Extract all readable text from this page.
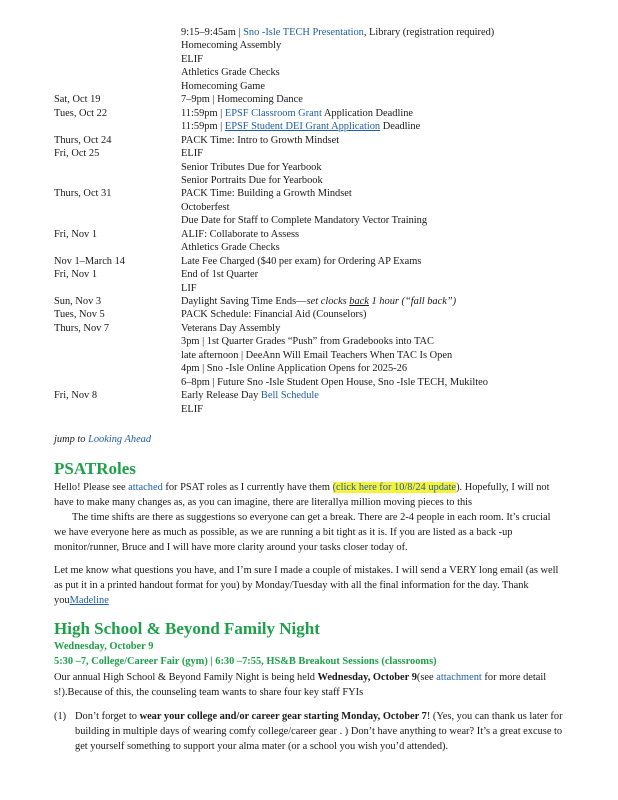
9:15–9:45am | Sno -Isle TECH Presentation, Library (registration required)
Homecoming Assembly
ELIF
Athletics Grade Checks
Homecoming Game
Sat, Oct 19	7–9pm | Homecoming Dance
Tues, Oct 22	11:59pm | EPSF Classroom Grant Application Deadline
11:59pm | EPSF Student DEI Grant Application Deadline
Thurs, Oct 24	PACK Time: Intro to Growth Mindset
Fri, Oct 25	ELIF
Senior Tributes Due for Yearbook
Senior Portraits Due for Yearbook
Thurs, Oct 31	PACK Time: Building a Growth Mindset
Octoberfest
Due Date for Staff to Complete Mandatory Vector Training
Fri, Nov 1	ALIF: Collaborate to Assess
Athletics Grade Checks
Nov 1–March 14	Late Fee Charged ($40 per exam) for Ordering AP Exams
Fri, Nov 1	End of 1st Quarter
LIF
Sun, Nov 3	Daylight Saving Time Ends—set clocks back 1 hour (“fall back”)
Tues, Nov 5	PACK Schedule: Financial Aid (Counselors)
Thurs, Nov 7	Veterans Day Assembly
3pm | 1st Quarter Grades “Push” from Gradebooks into TAC
late afternoon | DeeAnn Will Email Teachers When TAC Is Open
4pm | Sno -Isle Online Application Opens for 2025-26
6–8pm | Future Sno -Isle Student Open House, Sno -Isle TECH, Mukilteo
Fri, Nov 8	Early Release Day Bell Schedule
ELIF
jump to Looking Ahead
PSATRoles
Hello! Please see attached for PSAT roles as I currently have them (click here for 10/8/24 update). Hopefully, I will not have to make many changes as, as you can imagine, there are literallya million moving pieces to this
The time shifts are there as suggestions so everyone can get a break. There are 2-4 people in each room. It’s crucial we have everyone here as much as possible, as we are running a bit tight as it is. If you are listed as a back -up monitor/runner, Bruce and I will have more clarity around your tasks closer today of.
Let me know what questions you have, and I’m sure I made a couple of mistakes. I will send a VERY long email (as well as put it in a printed handout format for you) by Monday/Tuesday with all the final information for the day. Thank youMadeline
High School & Beyond Family Night
Wednesday, October 9
5:30 –7, College/Career Fair (gym) | 6:30 –7:55, HS&B Breakout Sessions (classrooms)
Our annual High School & Beyond Family Night is being held Wednesday, October 9(see attachment for more detail s!).Because of this, the counseling team wants to share four key staff FYIs
(1) Don’t forget to wear your college and/or career gear starting Monday, October 7! (Yes, you can thank us later for building in multiple days of wearing comfy college/career gear . ) Don’t have anything to wear? It’s a great excuse to get yourself something to support your alma mater (or a school you wish you’d attended).
